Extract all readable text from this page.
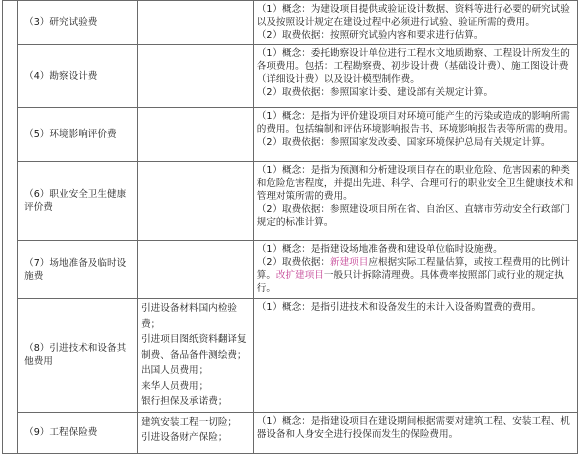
	（3）研究试验费		（1）概念：为建设项目提供或验证设计数据、资料等进行必要的研究试验以及按照设计规定在建设过程中必须进行试验、验证所需的费用。
（2）取费依据：按照研究试验内容和要求进行估算。

	（4）勘察设计费		（1）概念：委托勘察设计单位进行工程水文地质勘察、工程设计所发生的各项费用。包括：工程勘察费、初步设计费（基础设计费）、施工图设计费（详细设计费）以及设计模型制作费。
（2）取费依据：参照国家计委、建设部有关规定计算。

	（5）环境影响评价费		（1）概念：是指为评价建设项目对环境可能产生的污染或造成的影响所需的费用。包括编制和评估环境影响报告书、环境影响报告表等所需的费用。
（2）取费依据：参照国家发改委、国家环境保护总局有关规定计算。

	（6）职业安全卫生健康评价费		（1）概念：是指为预测和分析建设项目存在的职业危险、危害因素的种类和危险危害程度，并提出先进、科学、合理可行的职业安全卫生健康技术和管理对策所需的费用。
（2）取费依据：参照建设项目所在省、自治区、直辖市劳动安全行政部门规定的标准计算。

	（7）场地准备及临时设施费		（1）概念：是指建设场地准备费和建设单位临时设施费。
（2）取费依据：新建项目应根据实际工程量估算，或按工程费用的比例计算。改扩建项目一般只计拆除清理费。具体费率按照部门或行业的规定执行。

	（8）引进技术和设备其他费用	引进设备材料国内检验费；
引进项目图纸资料翻译复制费、备品备件测绘费；
出国人员费用；
来华人员费用；
银行担保及承诺费；	（1）概念：是指引进技术和设备发生的未计入设备购置费的费用。

	（9）工程保险费	建筑安装工程一切险；
引进设备财产保险；	（1）概念：是指建设项目在建设期间根据需要对建筑工程、安装工程、机器设备和人身安全进行投保而发生的保险费用。
